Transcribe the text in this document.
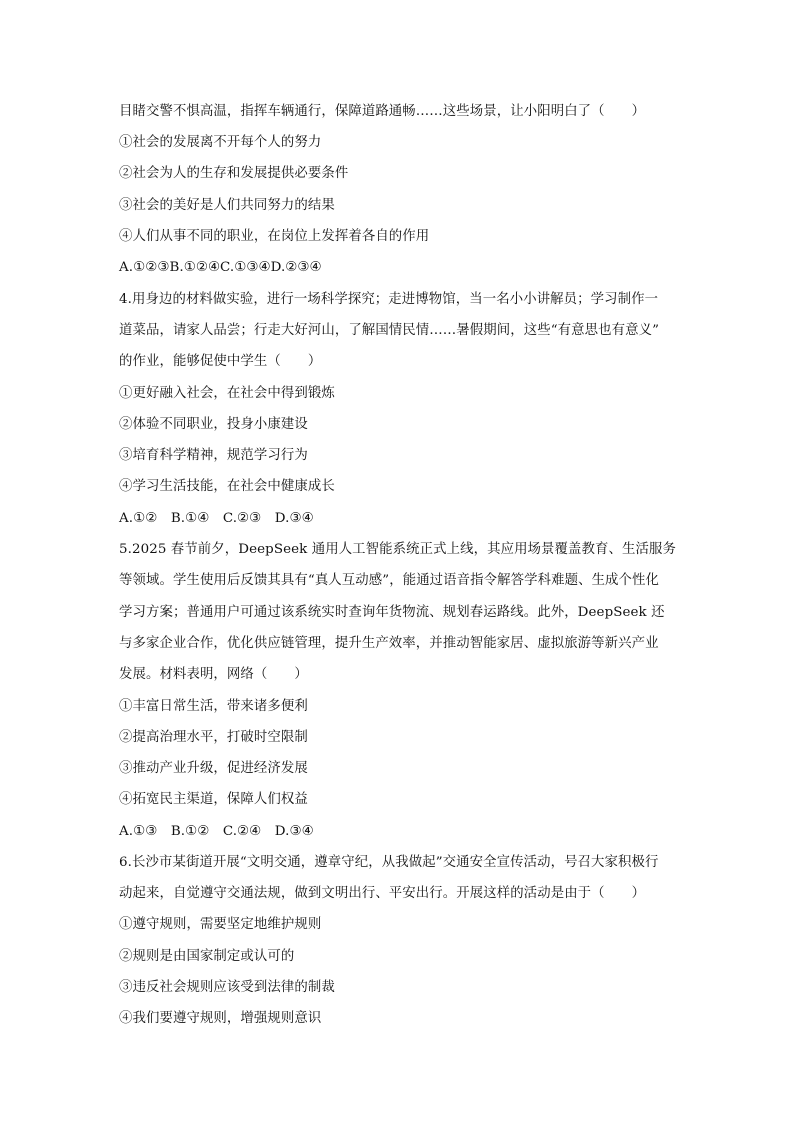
目睹交警不惧高温，指挥车辆通行，保障道路通畅……这些场景，让小阳明白了（　　）
①社会的发展离不开每个人的努力
②社会为人的生存和发展提供必要条件
③社会的美好是人们共同努力的结果
④人们从事不同的职业，在岗位上发挥着各自的作用
A.①②③B.①②④C.①③④D.②③④
4.用身边的材料做实验，进行一场科学探究；走进博物馆，当一名小小讲解员；学习制作一
道菜品，请家人品尝；行走大好河山，了解国情民情……暑假期间，这些“有意思也有意义”
的作业，能够促使中学生（　　）
①更好融入社会，在社会中得到锻炼
②体验不同职业，投身小康建设
③培育科学精神，规范学习行为
④学习生活技能，在社会中健康成长
A.①②　B.①④　C.②③　D.③④
5.2025 春节前夕，DeepSeek 通用人工智能系统正式上线，其应用场景覆盖教育、生活服务
等领域。学生使用后反馈其具有“真人互动感”，能通过语音指令解答学科难题、生成个性化
学习方案；普通用户可通过该系统实时查询年货物流、规划春运路线。此外，DeepSeek 还
与多家企业合作，优化供应链管理，提升生产效率，并推动智能家居、虚拟旅游等新兴产业
发展。材料表明，网络（　　）
①丰富日常生活，带来诸多便利
②提高治理水平，打破时空限制
③推动产业升级，促进经济发展
④拓宽民主渠道，保障人们权益
A.①③　B.①②　C.②④　D.③④
6.长沙市某街道开展“文明交通，遵章守纪，从我做起”交通安全宣传活动，号召大家积极行
动起来，自觉遵守交通法规，做到文明出行、平安出行。开展这样的活动是由于（　　）
①遵守规则，需要坚定地维护规则
②规则是由国家制定或认可的
③违反社会规则应该受到法律的制裁
④我们要遵守规则，增强规则意识
